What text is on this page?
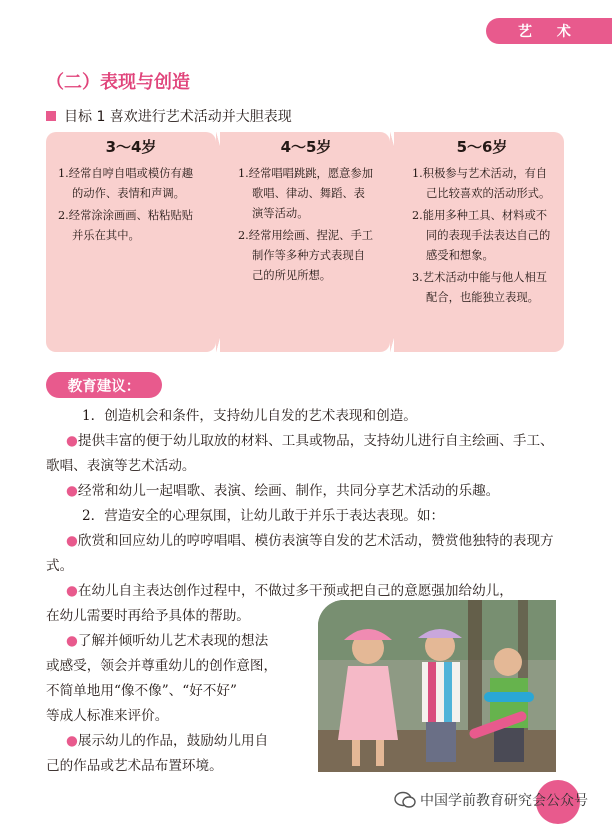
艺 术
（二）表现与创造
目标 1 喜欢进行艺术活动并大胆表现
3～4岁

1.经常自哼自唱或模仿有趣的动作、表情和声调。

2.经常涂涂画画、粘粘贴贴并乐在其中。

4～5岁

1.经常唱唱跳跳，愿意参加歌唱、律动、舞蹈、表演等活动。

2.经常用绘画、捏泥、手工制作等多种方式表现自己的所见所想。

5～6岁

1.积极参与艺术活动，有自己比较喜欢的活动形式。

2.能用多种工具、材料或不同的表现手法表达自己的感受和想象。

3.艺术活动中能与他人相互配合，也能独立表现。

教育建议：
1．创造机会和条件，支持幼儿自发的艺术表现和创造。
●提供丰富的便于幼儿取放的材料、工具或物品，支持幼儿进行自主绘画、手工、歌唱、表演等艺术活动。
●经常和幼儿一起唱歌、表演、绘画、制作，共同分享艺术活动的乐趣。
2．营造安全的心理氛围，让幼儿敢于并乐于表达表现。如：
●欣赏和回应幼儿的哼哼唱唱、模仿表演等自发的艺术活动，赞赏他独特的表现方式。
●在幼儿自主表达创作过程中，不做过多干预或把自己的意愿强加给幼儿，
在幼儿需要时再给予具体的帮助。
●了解并倾听幼儿艺术表现的想法
或感受，领会并尊重幼儿的创作意图，
不简单地用“像不像”、“好不好”
等成人标准来评价。
●展示幼儿的作品，鼓励幼儿用自
己的作品或艺术品布置环境。
中国学前教育研究会公众号
